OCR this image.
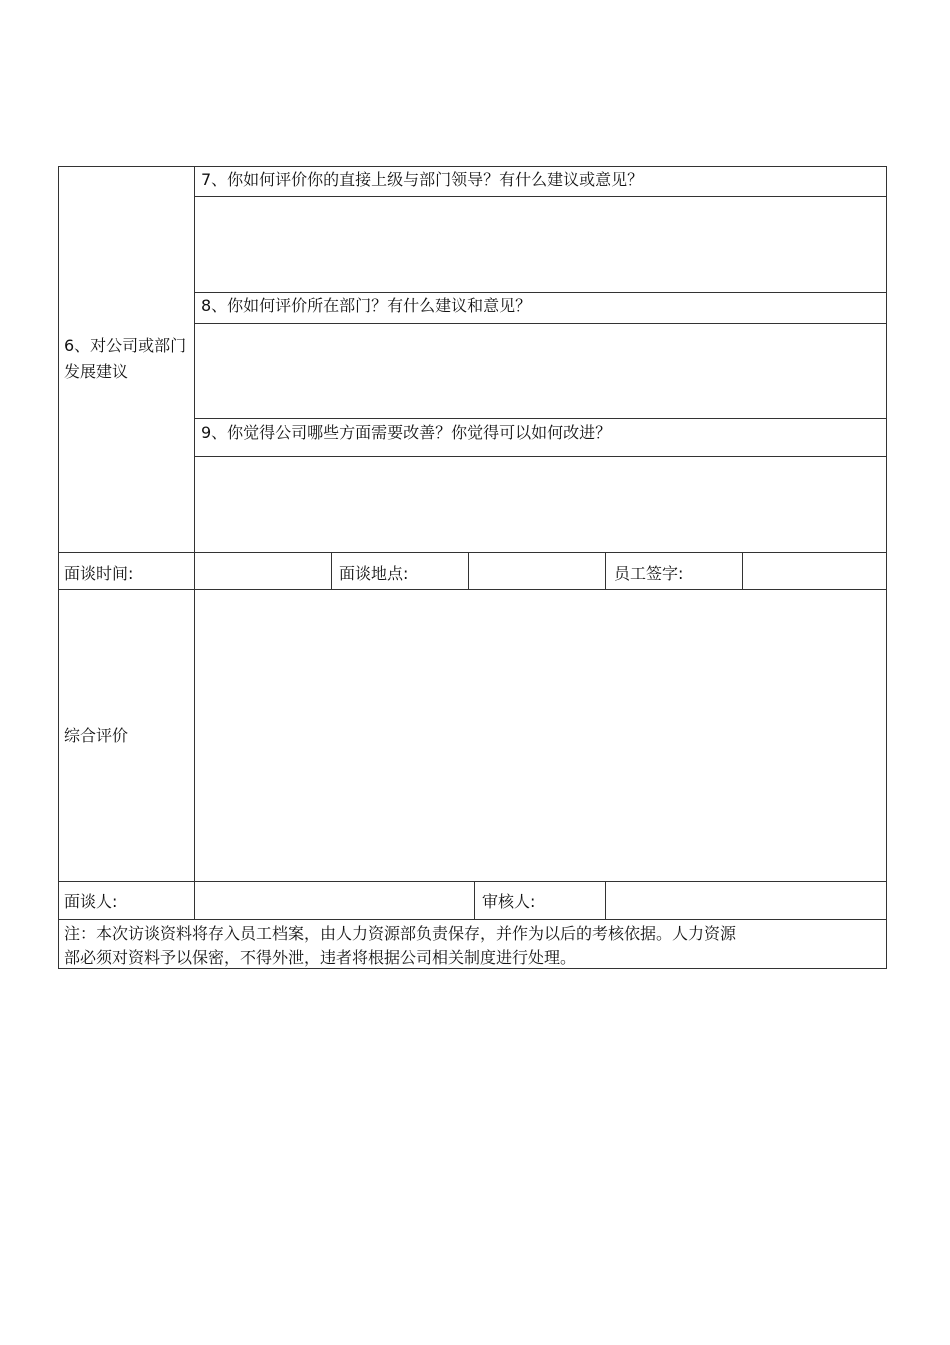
6、对公司或部门发展建议
7、你如何评价你的直接上级与部门领导？有什么建议或意见？
8、你如何评价所在部门？有什么建议和意见？
9、你觉得公司哪些方面需要改善？你觉得可以如何改进？
面谈时间:	面谈地点:	员工签字:
综合评价
面谈人:	审核人:
注：本次访谈资料将存入员工档案，由人力资源部负责保存，并作为以后的考核依据。人力资源
部必须对资料予以保密，不得外泄，违者将根据公司相关制度进行处理。
